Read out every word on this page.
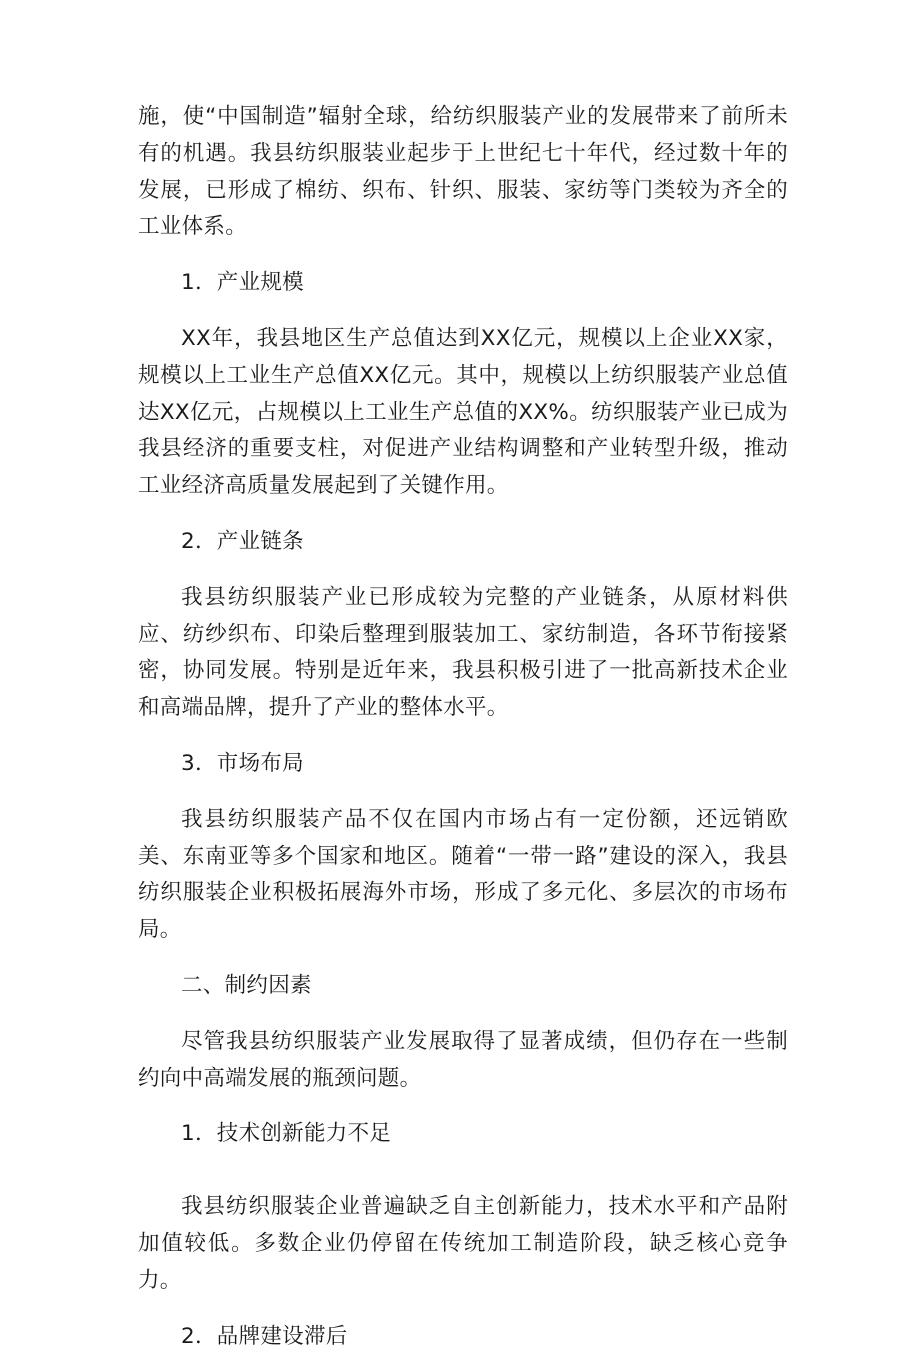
施，使“中国制造”辐射全球，给纺织服装产业的发展带来了前所未有的机遇。我县纺织服装业起步于上世纪七十年代，经过数十年的发展，已形成了棉纺、织布、针织、服装、家纺等门类较为齐全的工业体系。

1．产业规模

XX年，我县地区生产总值达到XX亿元，规模以上企业XX家，规模以上工业生产总值XX亿元。其中，规模以上纺织服装产业总值达XX亿元，占规模以上工业生产总值的XX%。纺织服装产业已成为我县经济的重要支柱，对促进产业结构调整和产业转型升级，推动工业经济高质量发展起到了关键作用。

2．产业链条

我县纺织服装产业已形成较为完整的产业链条，从原材料供应、纺纱织布、印染后整理到服装加工、家纺制造，各环节衔接紧密，协同发展。特别是近年来，我县积极引进了一批高新技术企业和高端品牌，提升了产业的整体水平。

3．市场布局

我县纺织服装产品不仅在国内市场占有一定份额，还远销欧美、东南亚等多个国家和地区。随着“一带一路”建设的深入，我县纺织服装企业积极拓展海外市场，形成了多元化、多层次的市场布局。

二、制约因素

尽管我县纺织服装产业发展取得了显著成绩，但仍存在一些制约向中高端发展的瓶颈问题。

1．技术创新能力不足

我县纺织服装企业普遍缺乏自主创新能力，技术水平和产品附加值较低。多数企业仍停留在传统加工制造阶段，缺乏核心竞争力。

2．品牌建设滞后
